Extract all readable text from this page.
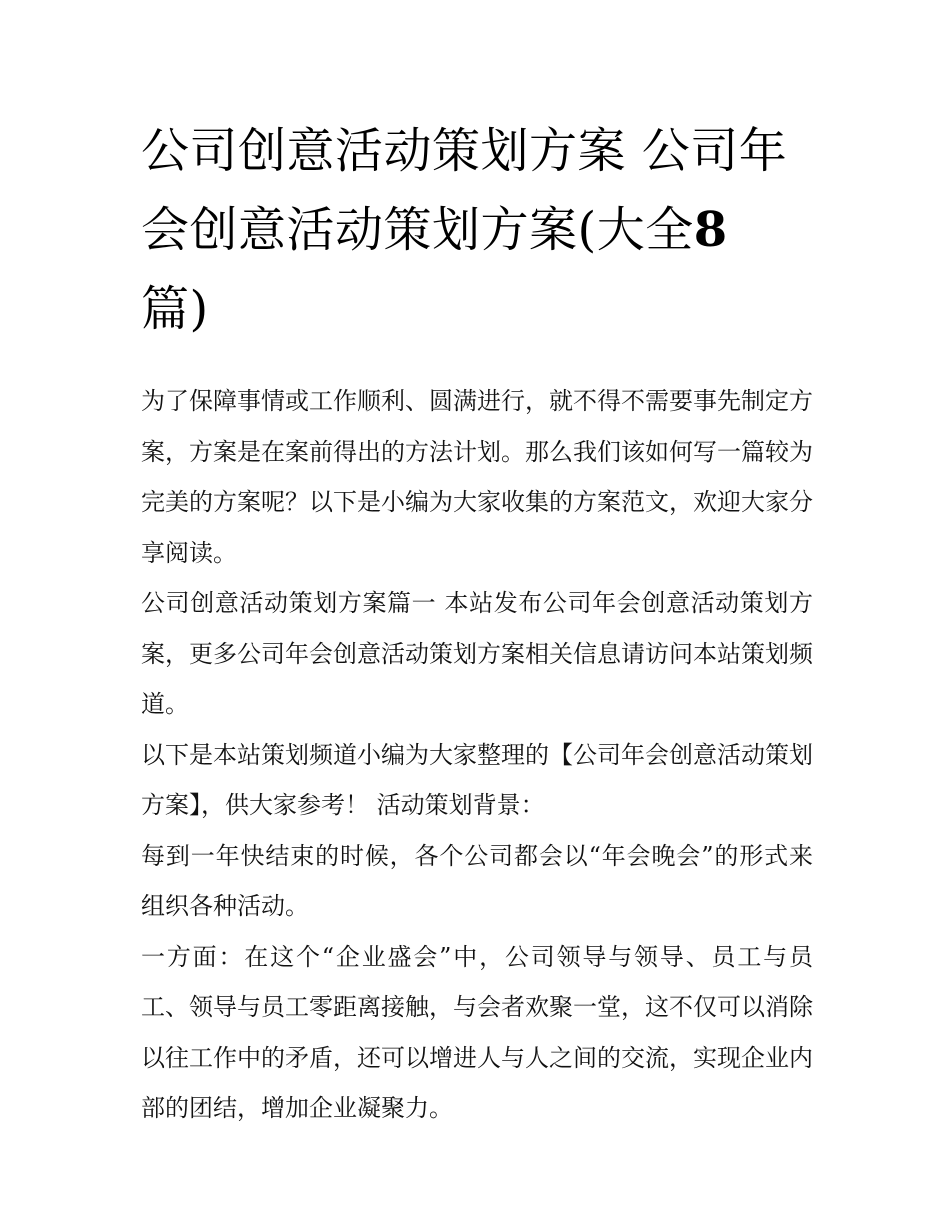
公司创意活动策划方案 公司年会创意活动策划方案(大全8
篇)

为了保障事情或工作顺利、圆满进行，就不得不需要事先制定方案，方案是在案前得出的方法计划。那么我们该如何写一篇较为完美的方案呢？以下是小编为大家收集的方案范文，欢迎大家分享阅读。

公司创意活动策划方案篇一 本站发布公司年会创意活动策划方案，更多公司年会创意活动策划方案相关信息请访问本站策划频道。

以下是本站策划频道小编为大家整理的【公司年会创意活动策划方案】，供大家参考！ 活动策划背景：

每到一年快结束的时候，各个公司都会以“年会晚会”的形式来组织各种活动。

一方面：在这个“企业盛会”中，公司领导与领导、员工与员工、领导与员工零距离接触，与会者欢聚一堂，这不仅可以消除以往工作中的矛盾，还可以增进人与人之间的交流，实现企业内部的团结，增加企业凝聚力。
